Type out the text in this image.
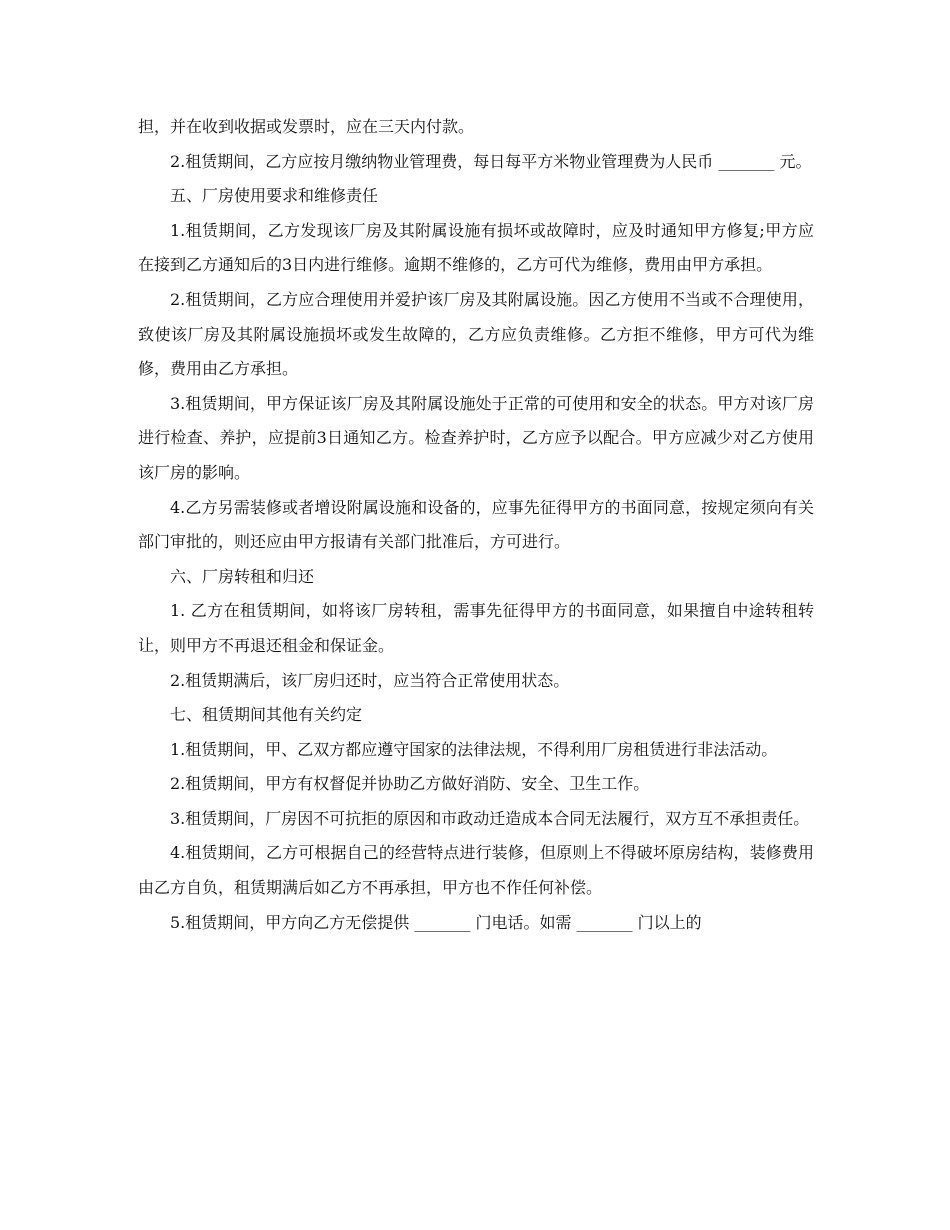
担，并在收到收据或发票时，应在三天内付款。

2.租赁期间，乙方应按月缴纳物业管理费，每日每平方米物业管理费为人民币 _______ 元。

五、厂房使用要求和维修责任

1.租赁期间，乙方发现该厂房及其附属设施有损坏或故障时，应及时通知甲方修复;甲方应在接到乙方通知后的3日内进行维修。逾期不维修的，乙方可代为维修，费用由甲方承担。

2.租赁期间，乙方应合理使用并爱护该厂房及其附属设施。因乙方使用不当或不合理使用，致使该厂房及其附属设施损坏或发生故障的，乙方应负责维修。乙方拒不维修，甲方可代为维修，费用由乙方承担。

3.租赁期间，甲方保证该厂房及其附属设施处于正常的可使用和安全的状态。甲方对该厂房进行检查、养护，应提前3日通知乙方。检查养护时，乙方应予以配合。甲方应减少对乙方使用该厂房的影响。

4.乙方另需装修或者增设附属设施和设备的，应事先征得甲方的书面同意，按规定须向有关部门审批的，则还应由甲方报请有关部门批准后，方可进行。

六、厂房转租和归还

1. 乙方在租赁期间，如将该厂房转租，需事先征得甲方的书面同意，如果擅自中途转租转让，则甲方不再退还租金和保证金。

2.租赁期满后，该厂房归还时，应当符合正常使用状态。

七、租赁期间其他有关约定

1.租赁期间，甲、乙双方都应遵守国家的法律法规，不得利用厂房租赁进行非法活动。

2.租赁期间，甲方有权督促并协助乙方做好消防、安全、卫生工作。

3.租赁期间，厂房因不可抗拒的原因和市政动迁造成本合同无法履行，双方互不承担责任。

4.租赁期间，乙方可根据自己的经营特点进行装修，但原则上不得破坏原房结构，装修费用由乙方自负，租赁期满后如乙方不再承担，甲方也不作任何补偿。

5.租赁期间，甲方向乙方无偿提供 _______ 门电话。如需 _______ 门以上的
